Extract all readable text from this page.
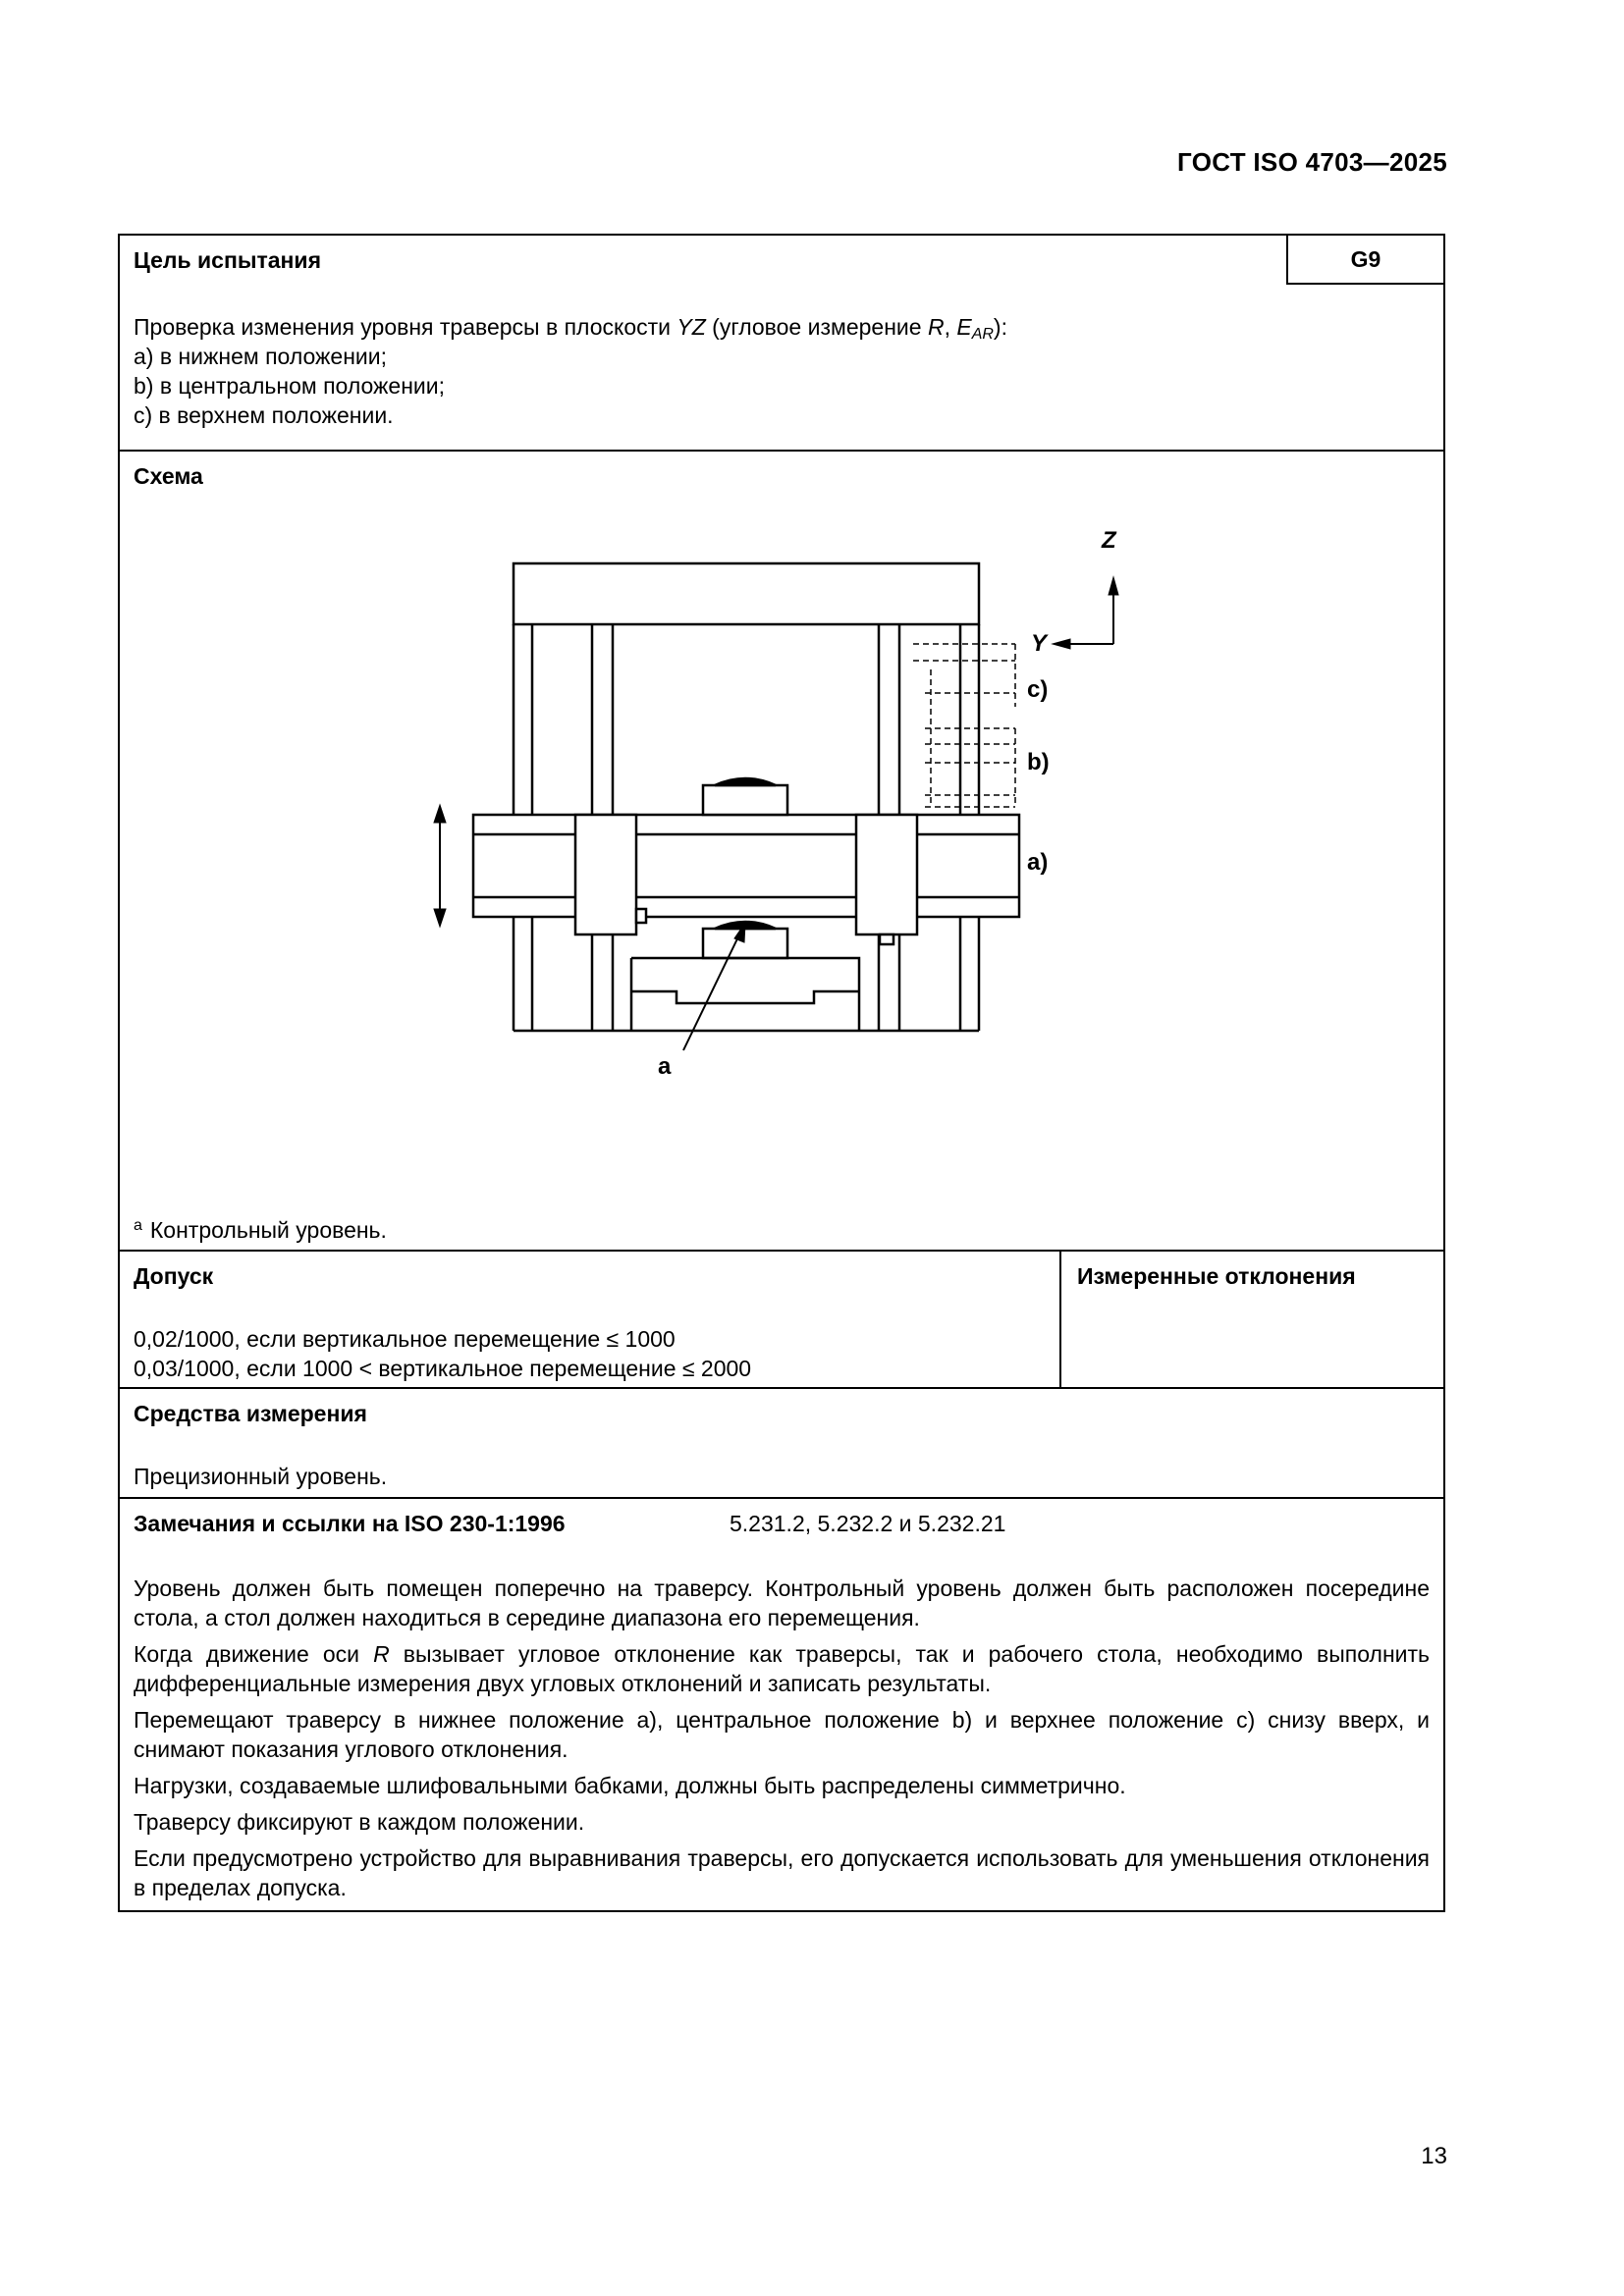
ГОСТ ISO 4703—2025
Цель испытания	G9
Проверка изменения уровня траверсы в плоскости YZ (угловое измерение R, $E_{AR}$):
a) в нижнем положении;
b) в центральном положении;
c) в верхнем положении.
Схема
Z
Y
c)
b)
a)
a
$^a$ Контрольный уровень.
Допуск
0,02/1000, если вертикальное перемещение ≤ 1000
0,03/1000, если 1000 < вертикальное перемещение ≤ 2000
Измеренные отклонения
Средства измерения
Прецизионный уровень.
Замечания и ссылки на ISO 230-1:1996	5.231.2, 5.232.2 и 5.232.21
Уровень должен быть помещен поперечно на траверсу. Контрольный уровень должен быть расположен посередине стола, а стол должен находиться в середине диапазона его перемещения.
Когда движение оси R вызывает угловое отклонение как траверсы, так и рабочего стола, необходимо выполнить дифференциальные измерения двух угловых отклонений и записать результаты.
Перемещают траверсу в нижнее положение a), центральное положение b) и верхнее положение c) снизу вверх, и снимают показания углового отклонения.
Нагрузки, создаваемые шлифовальными бабками, должны быть распределены симметрично.
Траверсу фиксируют в каждом положении.
Если предусмотрено устройство для выравнивания траверсы, его допускается использовать для уменьшения отклонения в пределах допуска.
13
